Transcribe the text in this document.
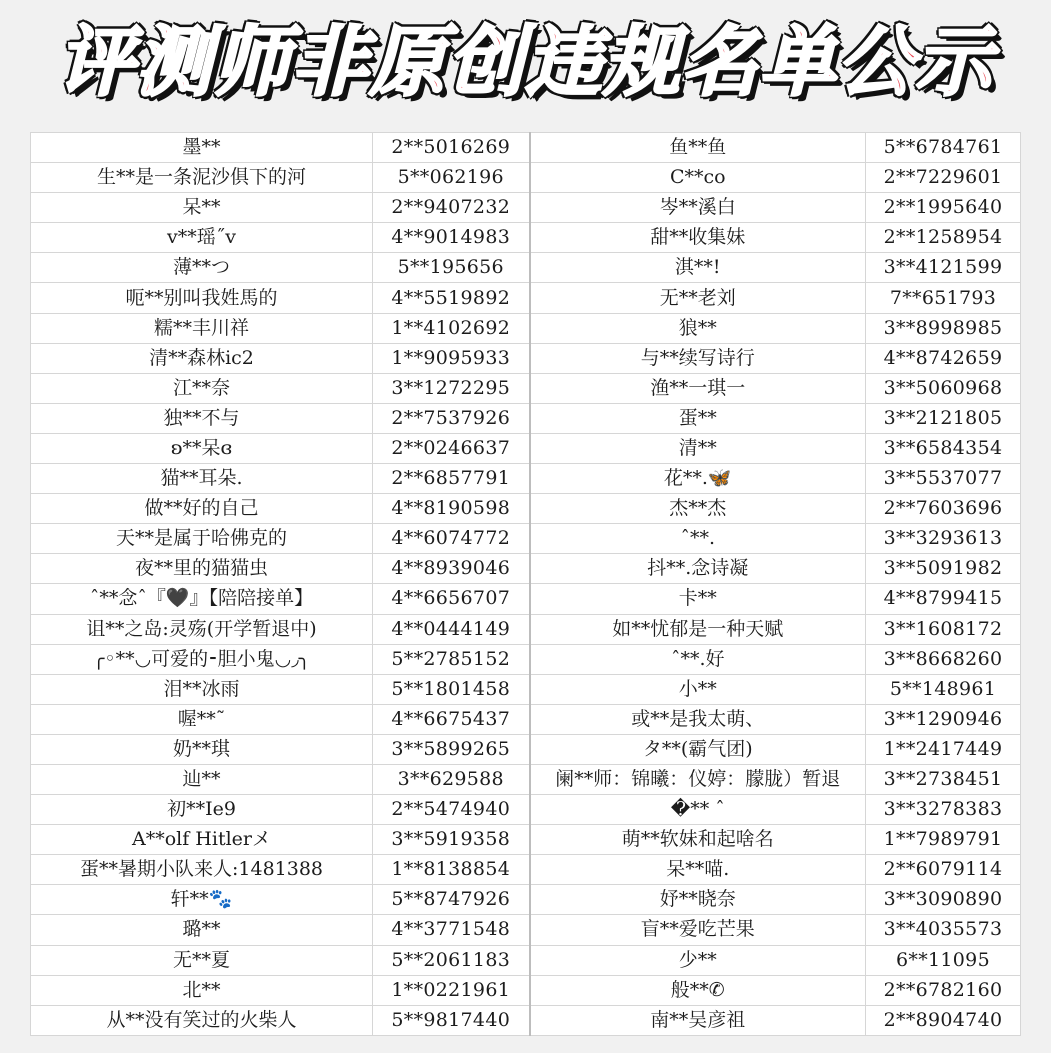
评测师非原创违规名单公示
墨**	2**5016269	鱼**鱼	5**6784761
生**是一条泥沙俱下的河	5**062196	C**co	2**7229601
呆**	2**9407232	岑**溪白	2**1995640
v**瑶˝v	4**9014983	甜**收集妹	2**1258954
薄**つ	5**195656	淇**!	3**4121599
呃**别叫我姓馬的	4**5519892	无**老刘	7**651793
糯**丰川祥	1**4102692	狼**	3**8998985
清**森林ic2	1**9095933	与**续写诗行	4**8742659
江**奈	3**1272295	渔**一琪一	3**5060968
独**不与	2**7537926	蛋**	3**2121805
ʚ**呆ɞ	2**0246637	清**	3**6584354
猫**耳朵.	2**6857791	花**.🦋	3**5537077
做**好的自己	4**8190598	杰**杰	2**7603696
天**是属于哈佛克的	4**6074772	ˆ**.	3**3293613
夜**里的猫猫虫	4**8939046	抖**.念诗凝	3**5091982
ˆ**念ˆ『🖤』【陪陪接单】	4**6656707	卡**	4**8799415
诅**之岛:灵殇(开学暂退中)	4**0444149	如**忧郁是一种天赋	3**1608172
╭◦**◡可爱的⁃胆小鬼◡◞╮	5**2785152	ˆ**.好	3**8668260
泪**冰雨	5**1801458	小**	5**148961
喔**˜	4**6675437	或**是我太萌、	3**1290946
奶**琪	3**5899265	タ**(霸气团)	1**2417449
辿**	3**629588	阑**师：锦曦：仪婷：朦胧）暂退	3**2738451
初**Ie9	2**5474940	�** ˆ	3**3278383
A**olf Hitlerメ	3**5919358	萌**软妹和起啥名	1**7989791
蛋**暑期小队来人:1481388	1**8138854	呆**喵.	2**6079114
轩**🐾	5**8747926	妤**晓奈	3**3090890
璐**	4**3771548	盲**爱吃芒果	3**4035573
无**夏	5**2061183	少**	6**11095
北**	1**0221961	般**✆	2**6782160
从**没有笑过的火柴人	5**9817440	南**吴彦祖	2**8904740
